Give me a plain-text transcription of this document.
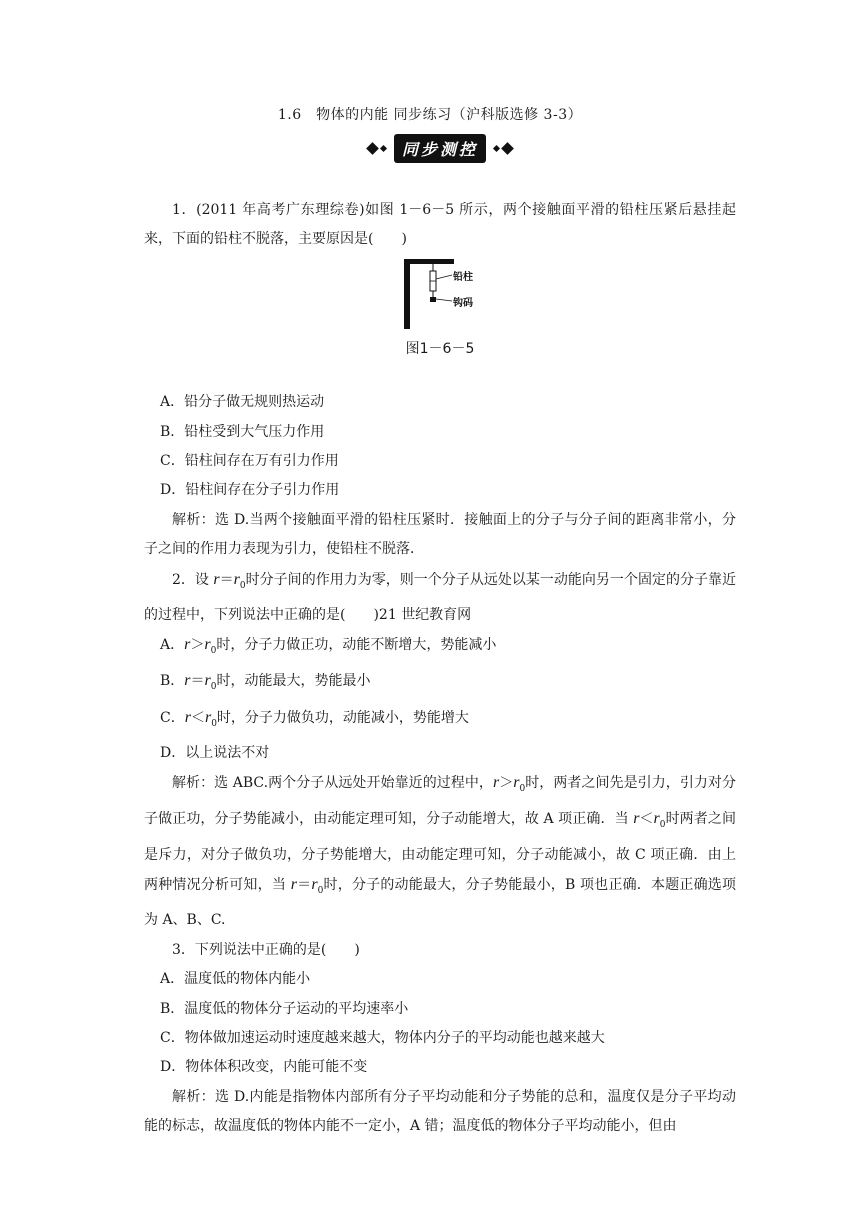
1.6　物体的内能 同步练习（沪科版选修 3-3）
同步测控

1．(2011 年高考广东理综卷)如图 1－6－5 所示，两个接触面平滑的铅柱压紧后悬挂起来，下面的铅柱不脱落，主要原因是(　　)

铅柱
钩码
图1－6－5

A．铅分子做无规则热运动

B．铅柱受到大气压力作用

C．铅柱间存在万有引力作用

D．铅柱间存在分子引力作用

解析：选 D.当两个接触面平滑的铅柱压紧时．接触面上的分子与分子间的距离非常小，分子之间的作用力表现为引力，使铅柱不脱落．

2．设 $r=r_0$时分子间的作用力为零，则一个分子从远处以某一动能向另一个固定的分子靠近的过程中，下列说法中正确的是(　　)21 世纪教育网

A．$r>r_0$时，分子力做正功，动能不断增大，势能减小

B．$r=r_0$时，动能最大，势能最小

C．$r<r_0$时，分子力做负功，动能减小，势能增大

D．以上说法不对

解析：选 ABC.两个分子从远处开始靠近的过程中，$r>r_0$时，两者之间先是引力，引力对分子做正功，分子势能减小，由动能定理可知，分子动能增大，故 A 项正确．当 $r<r_0$时两者之间是斥力，对分子做负功，分子势能增大，由动能定理可知，分子动能减小，故 C 项正确．由上两种情况分析可知，当 $r=r_0$时，分子的动能最大，分子势能最小，B 项也正确．本题正确选项为 A、B、C.

3．下列说法中正确的是(　　)

A．温度低的物体内能小

B．温度低的物体分子运动的平均速率小

C．物体做加速运动时速度越来越大，物体内分子的平均动能也越来越大

D．物体体积改变，内能可能不变

解析：选 D.内能是指物体内部所有分子平均动能和分子势能的总和，温度仅是分子平均动能的标志，故温度低的物体内能不一定小，A 错；温度低的物体分子平均动能小，但由
